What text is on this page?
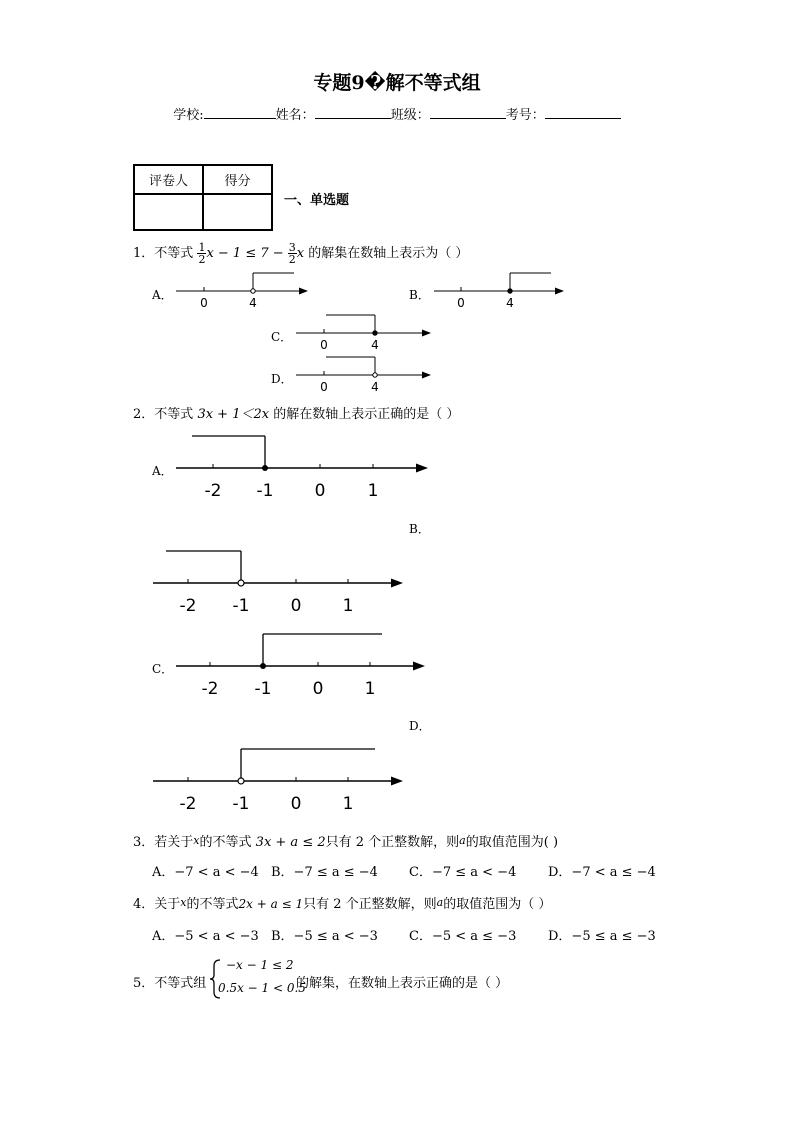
专题9�解不等式组
学校:	姓名：	班级：	考号：
评卷人	得分

一、单选题
1．不等式 $\frac{1}{2}$ $x - 1 \le 7 - \frac{3}{2}$ x 的解集在数轴上表示为（ ）
A．
0	4
B．
0	4
C．
0	4
D．
0	4
2．不等式 3x + 1＜2x 的解在数轴上表示正确的是（ ）
A．
-2 -1 0 1
B．
-2 -1 0 1
C．
-2 -1 0 1
D．
-2 -1 0 1
3．若关于x的不等式 3x + a ≤ 2只有 2 个正整数解，则a的取值范围为( )
A．−7 < a < −4 B．−7 ≤ a ≤ −4 C．−7 ≤ a < −4 D．−7 < a ≤ −4
4．关于x的不等式2x + a ≤ 1只有 2 个正整数解，则a的取值范围为（ ）
A．−5 < a < −3 B．−5 ≤ a < −3 C．−5 < a ≤ −3 D．−5 ≤ a ≤ −3
5．不等式组
−x − 1 ≤ 2
0.5x − 1 < 0.5
的解集，在数轴上表示正确的是（ ）
